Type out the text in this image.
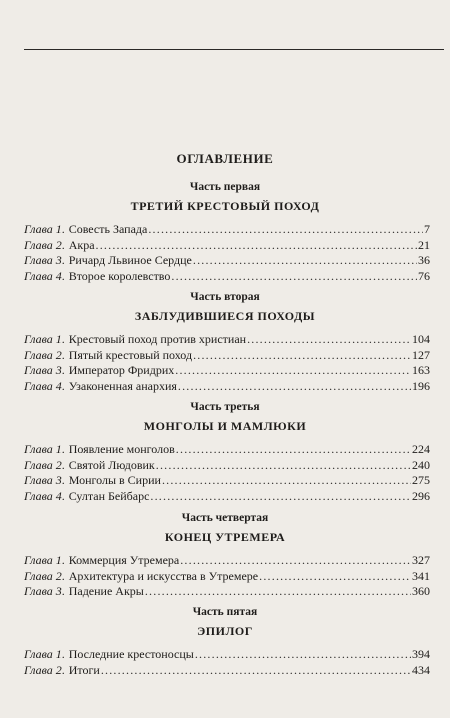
ОГЛАВЛЕНИЕ
Часть первая
ТРЕТИЙ КРЕСТОВЫЙ ПОХОД
Глава 1 . Совесть Запада .....	7
Глава 2 . Акра .....	21
Глава 3 . Ричард Львиное Сердце .....	36
Глава 4 . Второе королевство .....	76
Часть вторая
ЗАБЛУДИВШИЕСЯ ПОХОДЫ
Глава 1 . Крестовый поход против христиан .....	104
Глава 2 . Пятый крестовый поход .....	127
Глава 3 . Император Фридрих .....	163
Глава 4 . Узаконенная анархия .....	196
Часть третья
МОНГОЛЫ И МАМЛЮКИ
Глава 1 . Появление монголов .....	224
Глава 2 . Святой Людовик .....	240
Глава 3 . Монголы в Сирии .....	275
Глава 4 . Султан Бейбарс .....	296
Часть четвертая
КОНЕЦ УТРЕМЕРА
Глава 1 . Коммерция Утремера .....	327
Глава 2 . Архитектура и искусства в Утремере .....	341
Глава 3 . Падение Акры .....	360
Часть пятая
ЭПИЛОГ
Глава 1 . Последние крестоносцы .....	394
Глава 2 . Итоги .....	434
